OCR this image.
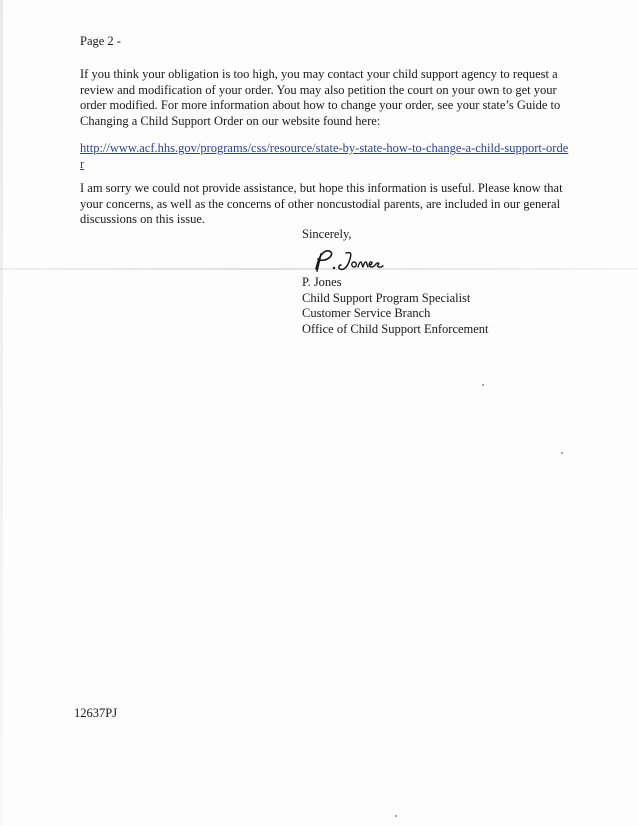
Page 2 -
If you think your obligation is too high, you may contact your child support agency to request a review and modification of your order. You may also petition the court on your own to get your order modified. For more information about how to change your order, see your state’s Guide to Changing a Child Support Order on our website found here:
http://www.acf.hhs.gov/programs/css/resource/state-by-state-how-to-change-a-child-support-order
I am sorry we could not provide assistance, but hope this information is useful. Please know that your concerns, as well as the concerns of other noncustodial parents, are included in our general discussions on this issue.
Sincerely,
P. Jones
Child Support Program Specialist
Customer Service Branch
Office of Child Support Enforcement
12637PJ
